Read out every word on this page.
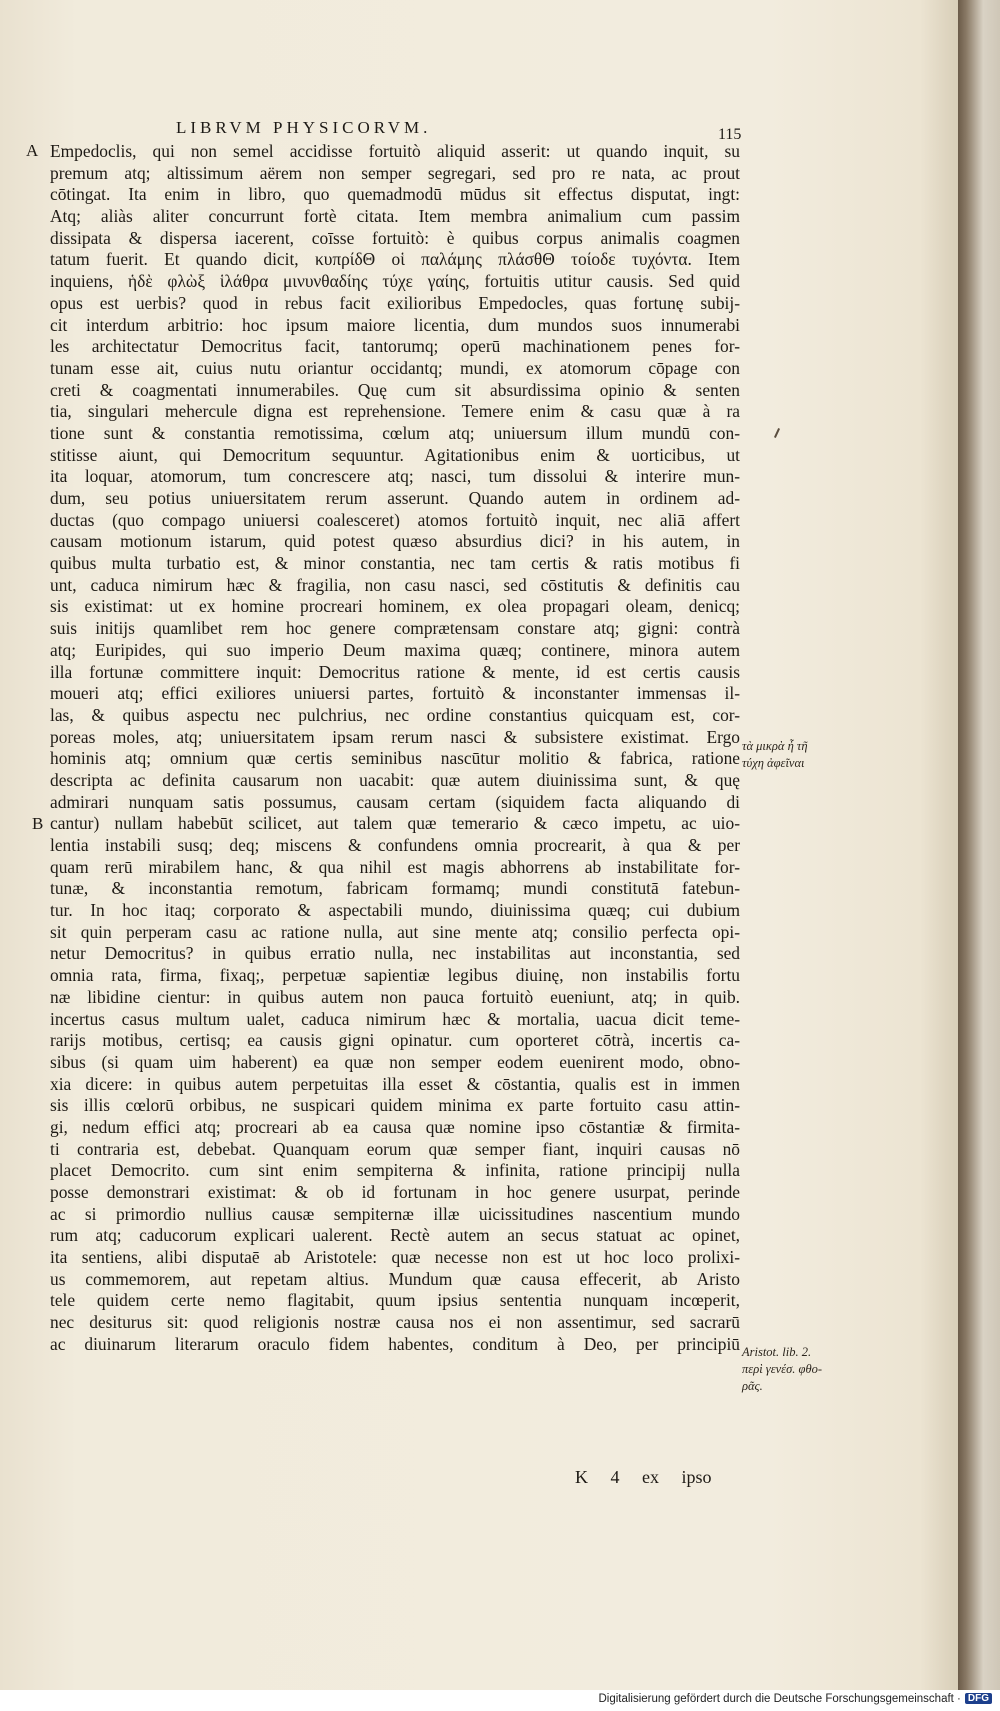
LIBRVM PHYSICORVM.	115
A
B
Empedoclis, qui non semel accidisse fortuitò aliquid asserit: ut quando inquit, su
premum atq; altissimum aërem non semper segregari, sed pro re nata, ac prout
cōtingat. Ita enim in libro, quo quemadmodū mūdus sit effectus disputat, ingt:
Atq; aliàs aliter concurrunt fortè citata. Item membra animalium cum passim
dissipata & dispersa iacerent, coīsse fortuitò: è quibus corpus animalis coagmen
tatum fuerit. Et quando dicit, κυπρίδΘ οἱ παλάμης πλάσθΘ τοίοδε τυχόντα. Item
inquiens, ἡδὲ φλὼξ ἱλάθρα μινυνθαδίης τύχε γαίης, fortuitis utitur causis. Sed quid
opus est uerbis? quod in rebus facit exilioribus Empedocles, quas fortunę subij-
cit interdum arbitrio: hoc ipsum maiore licentia, dum mundos suos innumerabi
les architectatur Democritus facit, tantorumq; operū machinationem penes for-
tunam esse ait, cuius nutu oriantur occidantq; mundi, ex atomorum cōpage con
creti & coagmentati innumerabiles. Quę cum sit absurdissima opinio & senten
tia, singulari mehercule digna est reprehensione. Temere enim & casu quæ à ra
tione sunt & constantia remotissima, cœlum atq; uniuersum illum mundū con-
stitisse aiunt, qui Democritum sequuntur. Agitationibus enim & uorticibus, ut
ita loquar, atomorum, tum concrescere atq; nasci, tum dissolui & interire mun-
dum, seu potius uniuersitatem rerum asserunt. Quando autem in ordinem ad-
ductas (quo compago uniuersi coalesceret) atomos fortuitò inquit, nec aliā affert
causam motionum istarum, quid potest quæso absurdius dici? in his autem, in
quibus multa turbatio est, & minor constantia, nec tam certis & ratis motibus fi
unt, caduca nimirum hæc & fragilia, non casu nasci, sed cōstitutis & definitis cau
sis existimat: ut ex homine procreari hominem, ex olea propagari oleam, denicq;
suis initijs quamlibet rem hoc genere comprætensam constare atq; gigni: contrà
atq; Euripides, qui suo imperio Deum maxima quæq; continere, minora autem
illa fortunæ committere inquit: Democritus ratione & mente, id est certis causis
moueri atq; effici exiliores uniuersi partes, fortuitò & inconstanter immensas il-
las, & quibus aspectu nec pulchrius, nec ordine constantius quicquam est, cor-
poreas moles, atq; uniuersitatem ipsam rerum nasci & subsistere existimat. Ergo
hominis atq; omnium quæ certis seminibus nascūtur molitio & fabrica, ratione
descripta ac definita causarum non uacabit: quæ autem diuinissima sunt, & quę
admirari nunquam satis possumus, causam certam (siquidem facta aliquando di
cantur) nullam habebūt scilicet, aut talem quæ temerario & cæco impetu, ac uio-
lentia instabili susq; deq; miscens & confundens omnia procrearit, à qua & per
quam rerū mirabilem hanc, & qua nihil est magis abhorrens ab instabilitate for-
tunæ, & inconstantia remotum, fabricam formamq; mundi constitutā fatebun-
tur. In hoc itaq; corporato & aspectabili mundo, diuinissima quæq; cui dubium
sit quin perperam casu ac ratione nulla, aut sine mente atq; consilio perfecta opi-
netur Democritus? in quibus erratio nulla, nec instabilitas aut inconstantia, sed
omnia rata, firma, fixaq;, perpetuæ sapientiæ legibus diuinę, non instabilis fortu
næ libidine cientur: in quibus autem non pauca fortuitò eueniunt, atq; in quib.
incertus casus multum ualet, caduca nimirum hæc & mortalia, uacua dicit teme-
rarijs motibus, certisq; ea causis gigni opinatur. cum oporteret cōtrà, incertis ca-
sibus (si quam uim haberent) ea quæ non semper eodem euenirent modo, obno-
xia dicere: in quibus autem perpetuitas illa esset & cōstantia, qualis est in immen
sis illis cœlorū orbibus, ne suspicari quidem minima ex parte fortuito casu attin-
gi, nedum effici atq; procreari ab ea causa quæ nomine ipso cōstantiæ & firmita-
ti contraria est, debebat. Quanquam eorum quæ semper fiant, inquiri causas nō
placet Democrito. cum sint enim sempiterna & infinita, ratione principij nulla
posse demonstrari existimat: & ob id fortunam in hoc genere usurpat, perinde
ac si primordio nullius causæ sempiternæ illæ uicissitudines nascentium mundo
rum atq; caducorum explicari ualerent. Rectè autem an secus statuat ac opinet,
ita sentiens, alibi disputaē ab Aristotele: quæ necesse non est ut hoc loco prolixi-
us commemorem, aut repetam altius. Mundum quæ causa effecerit, ab Aristo
tele quidem certe nemo flagitabit, quum ipsius sententia nunquam incœperit,
nec desiturus sit: quod religionis nostræ causa nos ei non assentimur, sed sacrarū
ac diuinarum literarum oraculo fidem habentes, conditum à Deo, per principiū
τὰ μικρὰ ἦ τῆ
τύχη ἀφεῖναι
Aristot. lib. 2.
περὶ γενέσ. φθο-
ρᾶς.
K 4 ex ipso
Digitalisierung gefördert durch die Deutsche Forschungsgemeinschaft · DFG
